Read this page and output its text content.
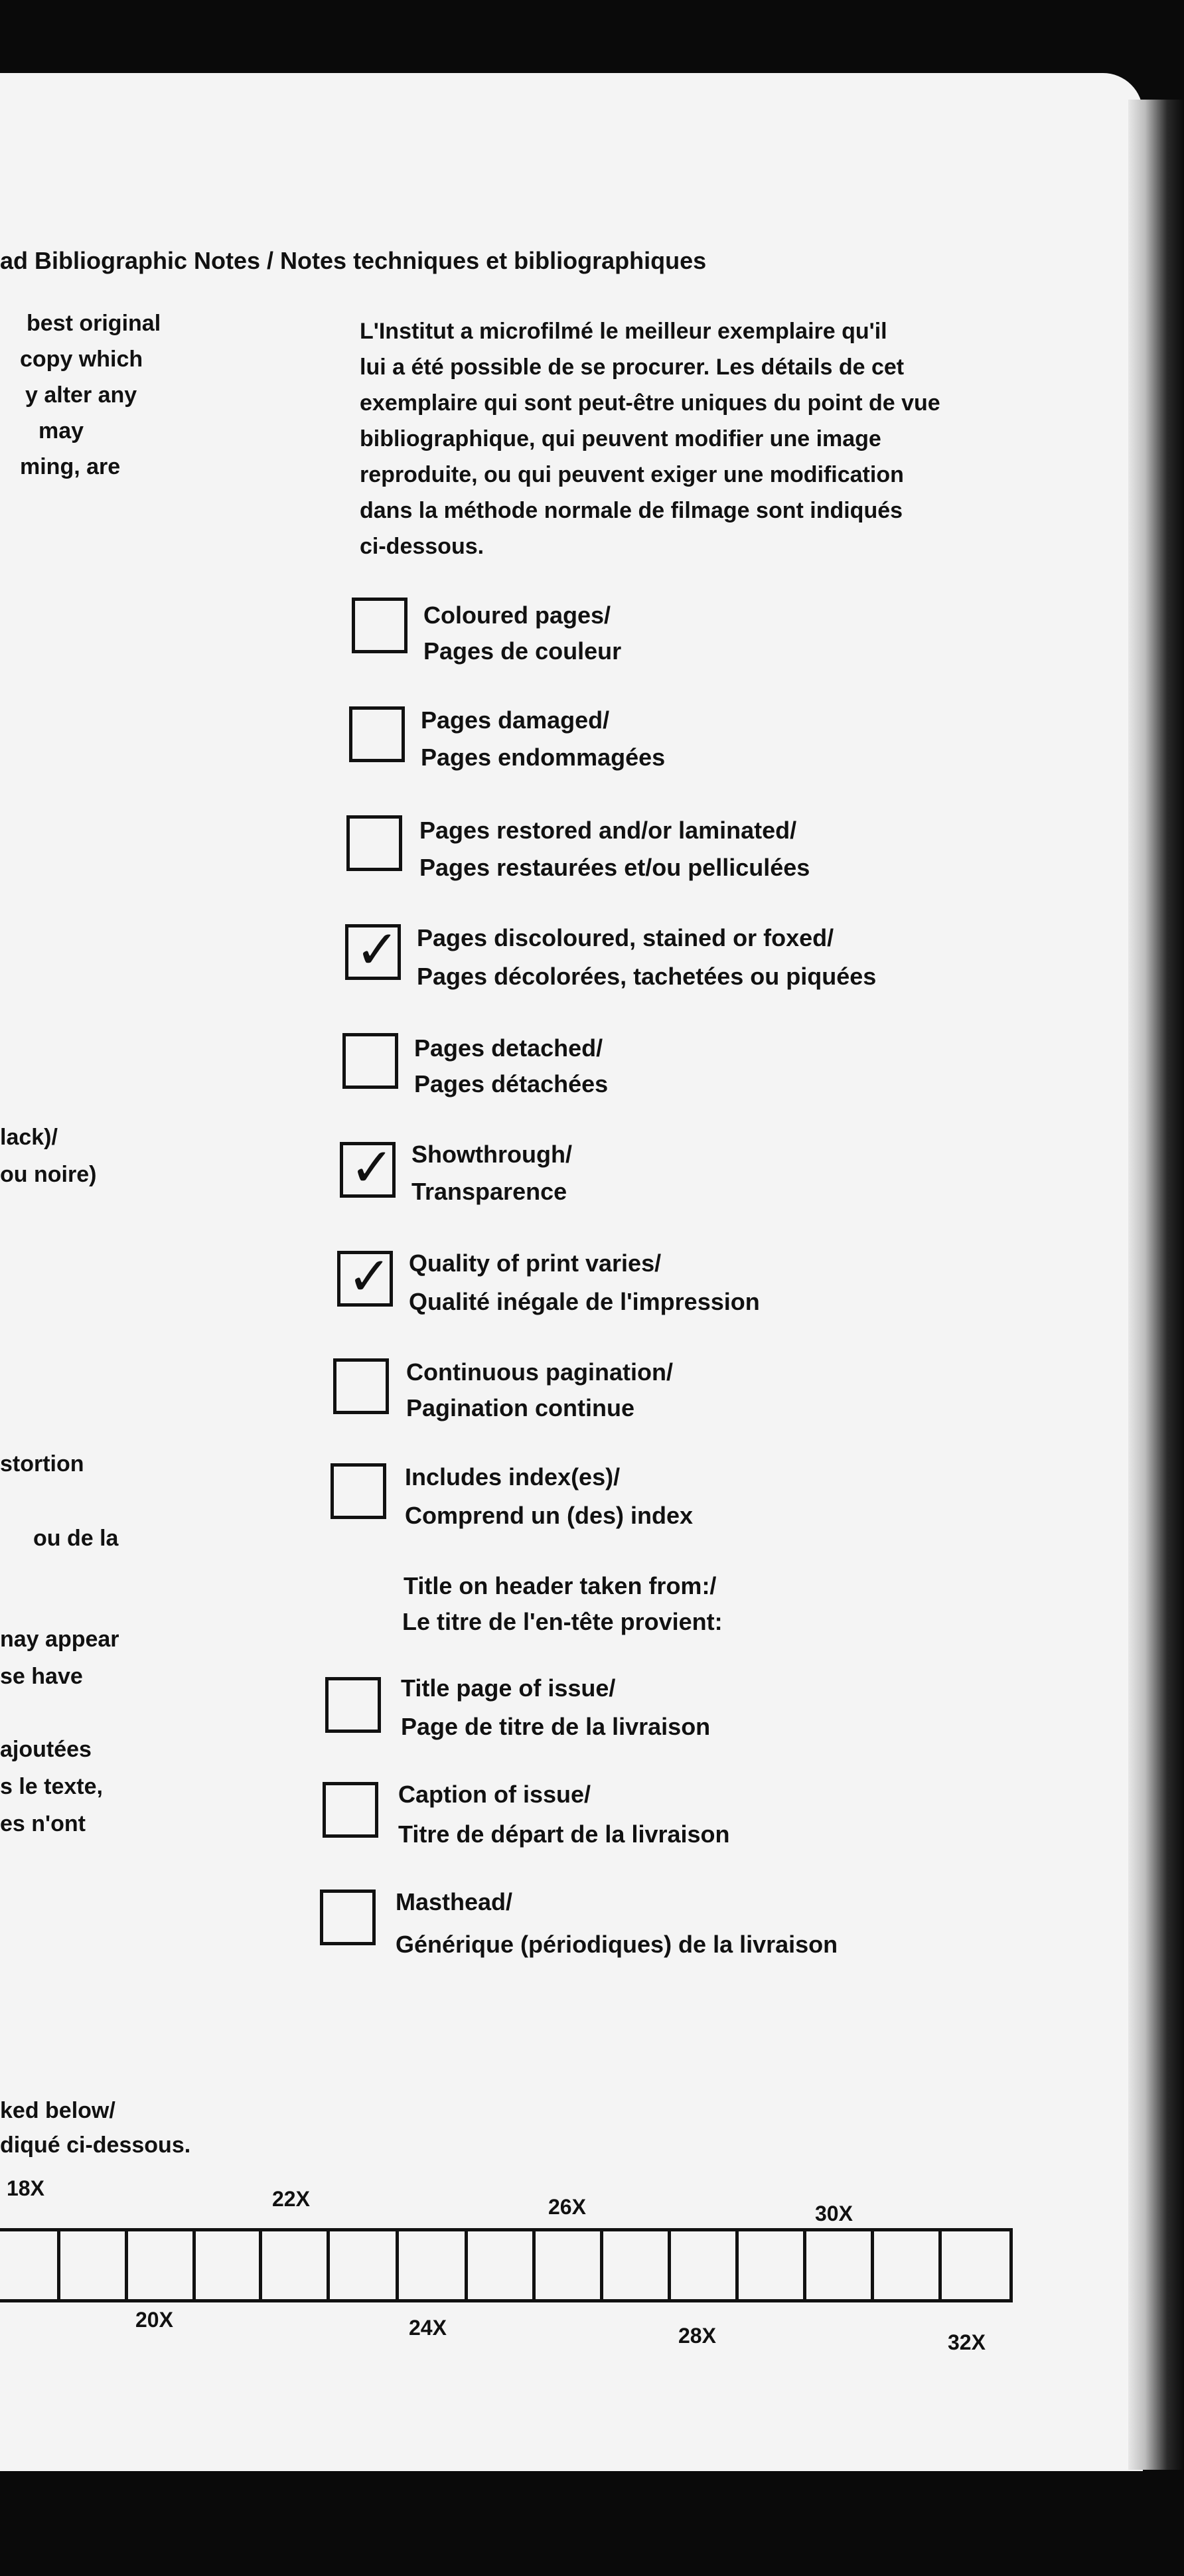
ad Bibliographic Notes / Notes techniques et bibliographiques
best original
copy which
y alter any
may
ming, are
lack)/
ou noire)
stortion
ou de la
nay appear
se have
ajoutées
s le texte,
es n'ont
ked below/
diqué ci-dessous.
L'Institut a microfilmé le meilleur exemplaire qu'il
lui a été possible de se procurer. Les détails de cet
exemplaire qui sont peut-être uniques du point de vue
bibliographique, qui peuvent modifier une image
reproduite, ou qui peuvent exiger une modification
dans la méthode normale de filmage sont indiqués
ci-dessous.
Coloured pages/
Pages de couleur
Pages damaged/
Pages endommagées
Pages restored and/or laminated/
Pages restaurées et/ou pelliculées
✓ Pages discoloured, stained or foxed/
Pages décolorées, tachetées ou piquées
Pages detached/
Pages détachées
✓ Showthrough/
Transparence
✓ Quality of print varies/
Qualité inégale de l'impression
Continuous pagination/
Pagination continue
Includes index(es)/
Comprend un (des) index
Title on header taken from:/
Le titre de l'en-tête provient:
Title page of issue/
Page de titre de la livraison
Caption of issue/
Titre de départ de la livraison
Masthead/
Générique (périodiques) de la livraison
18X	22X	26X	30X
20X	24X	28X	32X
